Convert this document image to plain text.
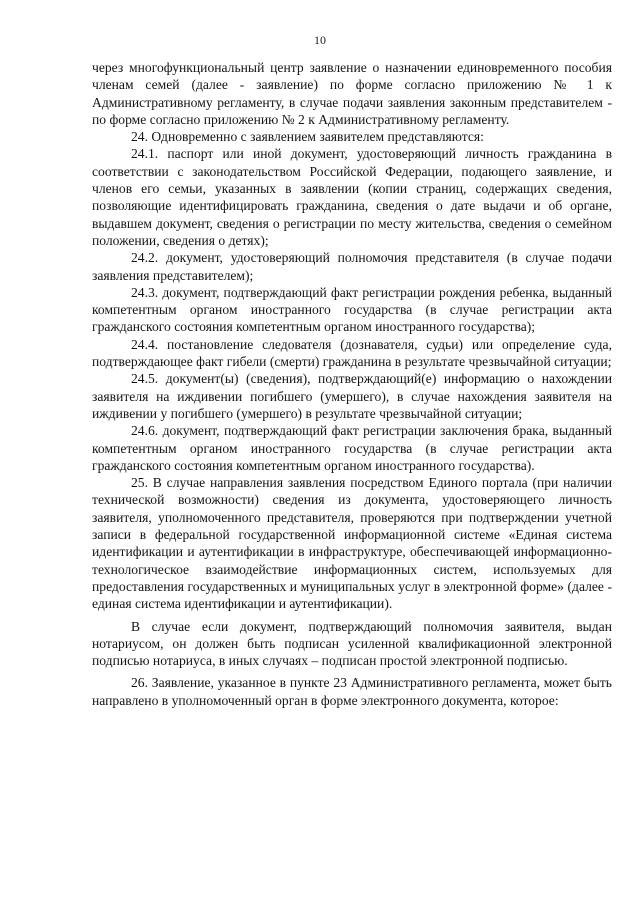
10

через многофункциональный центр заявление о назначении единовременного пособия членам семей (далее - заявление) по форме согласно приложению № 1 к Административному регламенту, в случае подачи заявления законным представителем - по форме согласно приложению № 2 к Административному регламенту.

24. Одновременно с заявлением заявителем представляются:

24.1. паспорт или иной документ, удостоверяющий личность гражданина в соответствии с законодательством Российской Федерации, подающего заявление, и членов его семьи, указанных в заявлении (копии страниц, содержащих сведения, позволяющие идентифицировать гражданина, сведения о дате выдачи и об органе, выдавшем документ, сведения о регистрации по месту жительства, сведения о семейном положении, сведения о детях);

24.2. документ, удостоверяющий полномочия представителя (в случае подачи заявления представителем);

24.3. документ, подтверждающий факт регистрации рождения ребенка, выданный компетентным органом иностранного государства (в случае регистрации акта гражданского состояния компетентным органом иностранного государства);

24.4. постановление следователя (дознавателя, судьи) или определение суда, подтверждающее факт гибели (смерти) гражданина в результате чрезвычайной ситуации;

24.5. документ(ы) (сведения), подтверждающий(е) информацию о нахождении заявителя на иждивении погибшего (умершего), в случае нахождения заявителя на иждивении у погибшего (умершего) в результате чрезвычайной ситуации;

24.6. документ, подтверждающий факт регистрации заключения брака, выданный компетентным органом иностранного государства (в случае регистрации акта гражданского состояния компетентным органом иностранного государства).

25. В случае направления заявления посредством Единого портала (при наличии технической возможности) сведения из документа, удостоверяющего личность заявителя, уполномоченного представителя, проверяются при подтверждении учетной записи в федеральной государственной информационной системе «Единая система идентификации и аутентификации в инфраструктуре, обеспечивающей информационно-технологическое взаимодействие информационных систем, используемых для предоставления государственных и муниципальных услуг в электронной форме» (далее - единая система идентификации и аутентификации).

В случае если документ, подтверждающий полномочия заявителя, выдан нотариусом, он должен быть подписан усиленной квалификационной электронной подписью нотариуса, в иных случаях – подписан простой электронной подписью.

26. Заявление, указанное в пункте 23 Административного регламента, может быть направлено в уполномоченный орган в форме электронного документа, которое:
